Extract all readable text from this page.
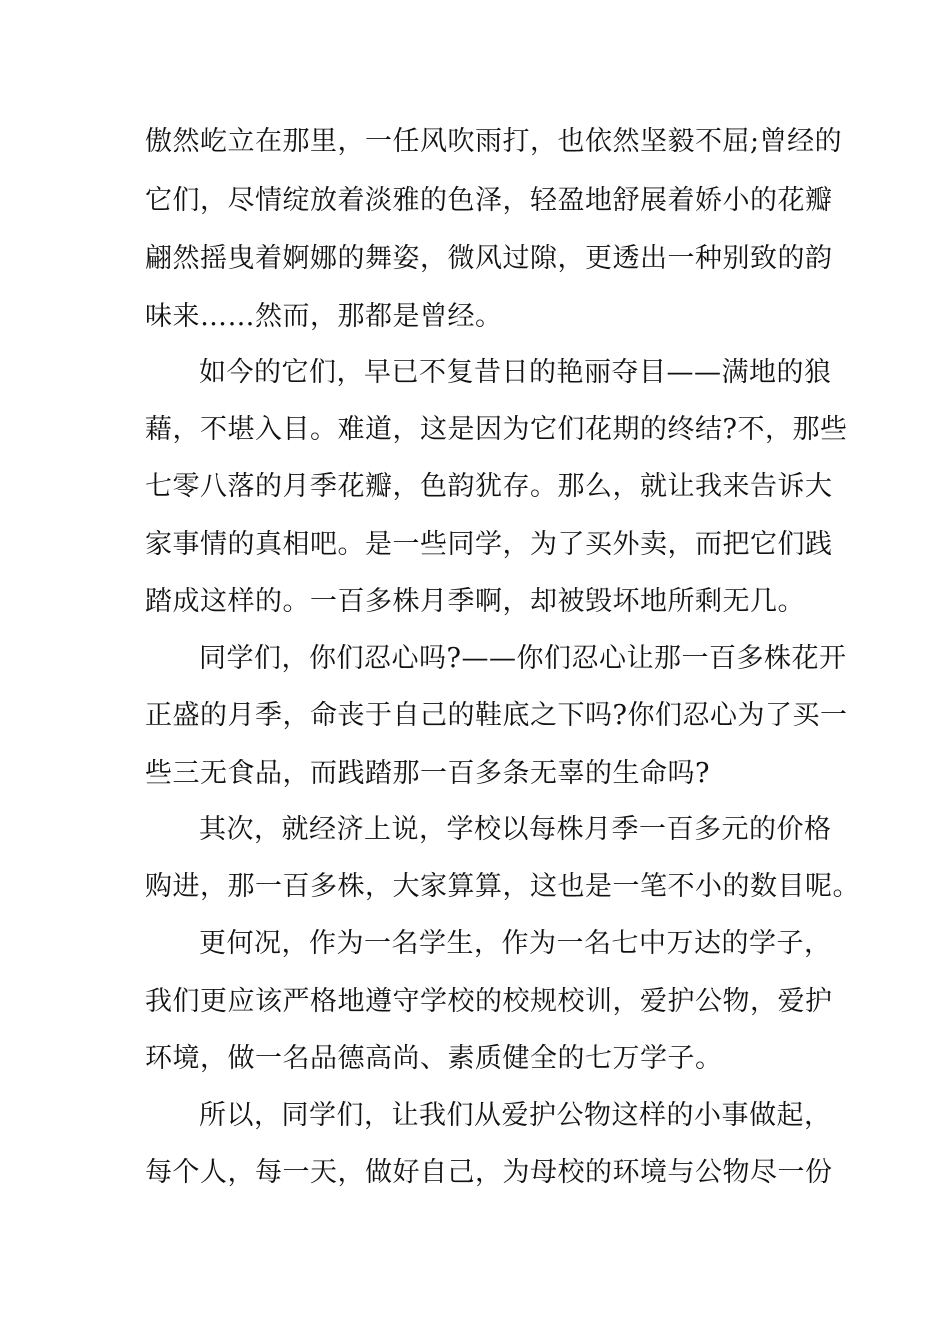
傲然屹立在那里，一任风吹雨打，也依然坚毅不屈;曾经的
它们，尽情绽放着淡雅的色泽，轻盈地舒展着娇小的花瓣
翩然摇曳着婀娜的舞姿，微风过隙，更透出一种别致的韵
味来……然而，那都是曾经。
如今的它们，早已不复昔日的艳丽夺目——满地的狼
藉，不堪入目。难道，这是因为它们花期的终结?不，那些
七零八落的月季花瓣，色韵犹存。那么，就让我来告诉大
家事情的真相吧。是一些同学，为了买外卖，而把它们践
踏成这样的。一百多株月季啊，却被毁坏地所剩无几。
同学们，你们忍心吗?——你们忍心让那一百多株花开
正盛的月季，命丧于自己的鞋底之下吗?你们忍心为了买一
些三无食品，而践踏那一百多条无辜的生命吗?
其次，就经济上说，学校以每株月季一百多元的价格
购进，那一百多株，大家算算，这也是一笔不小的数目呢。
更何况，作为一名学生，作为一名七中万达的学子，
我们更应该严格地遵守学校的校规校训，爱护公物，爱护
环境，做一名品德高尚、素质健全的七万学子。
所以，同学们，让我们从爱护公物这样的小事做起，
每个人，每一天，做好自己，为母校的环境与公物尽一份
